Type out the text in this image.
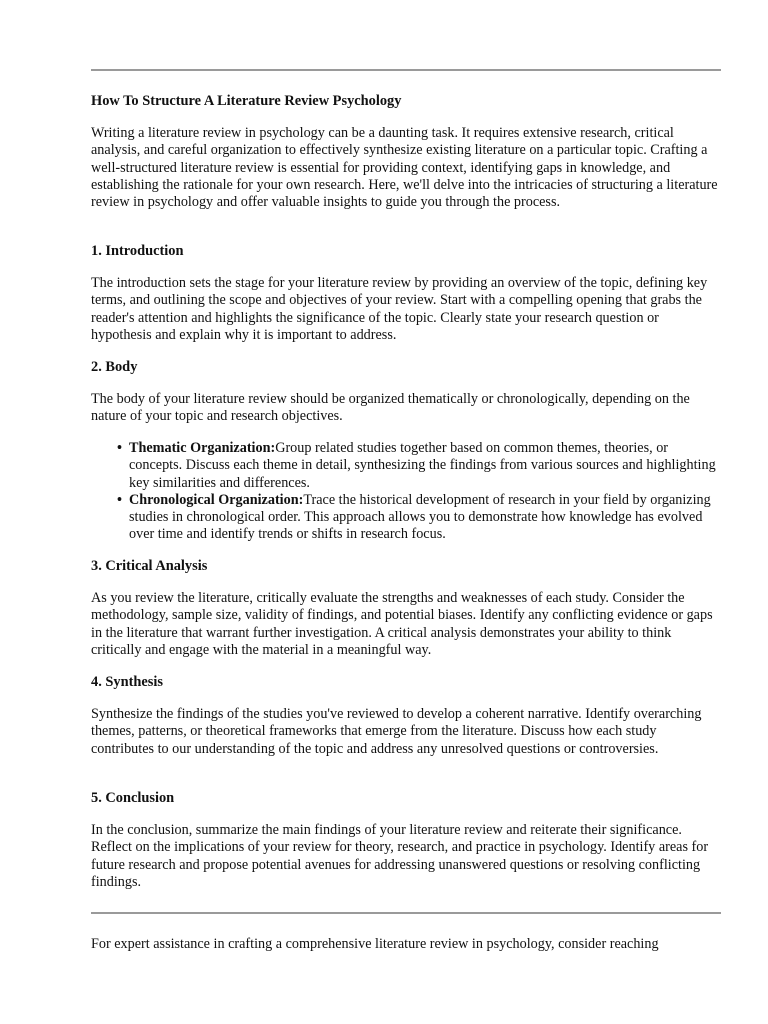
How To Structure A Literature Review Psychology

Writing a literature review in psychology can be a daunting task. It requires extensive research, critical analysis, and careful organization to effectively synthesize existing literature on a particular topic. Crafting a well-structured literature review is essential for providing context, identifying gaps in knowledge, and establishing the rationale for your own research. Here, we'll delve into the intricacies of structuring a literature review in psychology and offer valuable insights to guide you through the process.

1. Introduction

The introduction sets the stage for your literature review by providing an overview of the topic, defining key terms, and outlining the scope and objectives of your review. Start with a compelling opening that grabs the reader's attention and highlights the significance of the topic. Clearly state your research question or hypothesis and explain why it is important to address.

2. Body

The body of your literature review should be organized thematically or chronologically, depending on the nature of your topic and research objectives.

• Thematic Organization:Group related studies together based on common themes, theories, or concepts. Discuss each theme in detail, synthesizing the findings from various sources and highlighting key similarities and differences.
• Chronological Organization:Trace the historical development of research in your field by organizing studies in chronological order. This approach allows you to demonstrate how knowledge has evolved over time and identify trends or shifts in research focus.
3. Critical Analysis

As you review the literature, critically evaluate the strengths and weaknesses of each study. Consider the methodology, sample size, validity of findings, and potential biases. Identify any conflicting evidence or gaps in the literature that warrant further investigation. A critical analysis demonstrates your ability to think critically and engage with the material in a meaningful way.

4. Synthesis

Synthesize the findings of the studies you've reviewed to develop a coherent narrative. Identify overarching themes, patterns, or theoretical frameworks that emerge from the literature. Discuss how each study contributes to our understanding of the topic and address any unresolved questions or controversies.

5. Conclusion

In the conclusion, summarize the main findings of your literature review and reiterate their significance. Reflect on the implications of your review for theory, research, and practice in psychology. Identify areas for future research and propose potential avenues for addressing unanswered questions or resolving conflicting findings.

For expert assistance in crafting a comprehensive literature review in psychology, consider reaching
